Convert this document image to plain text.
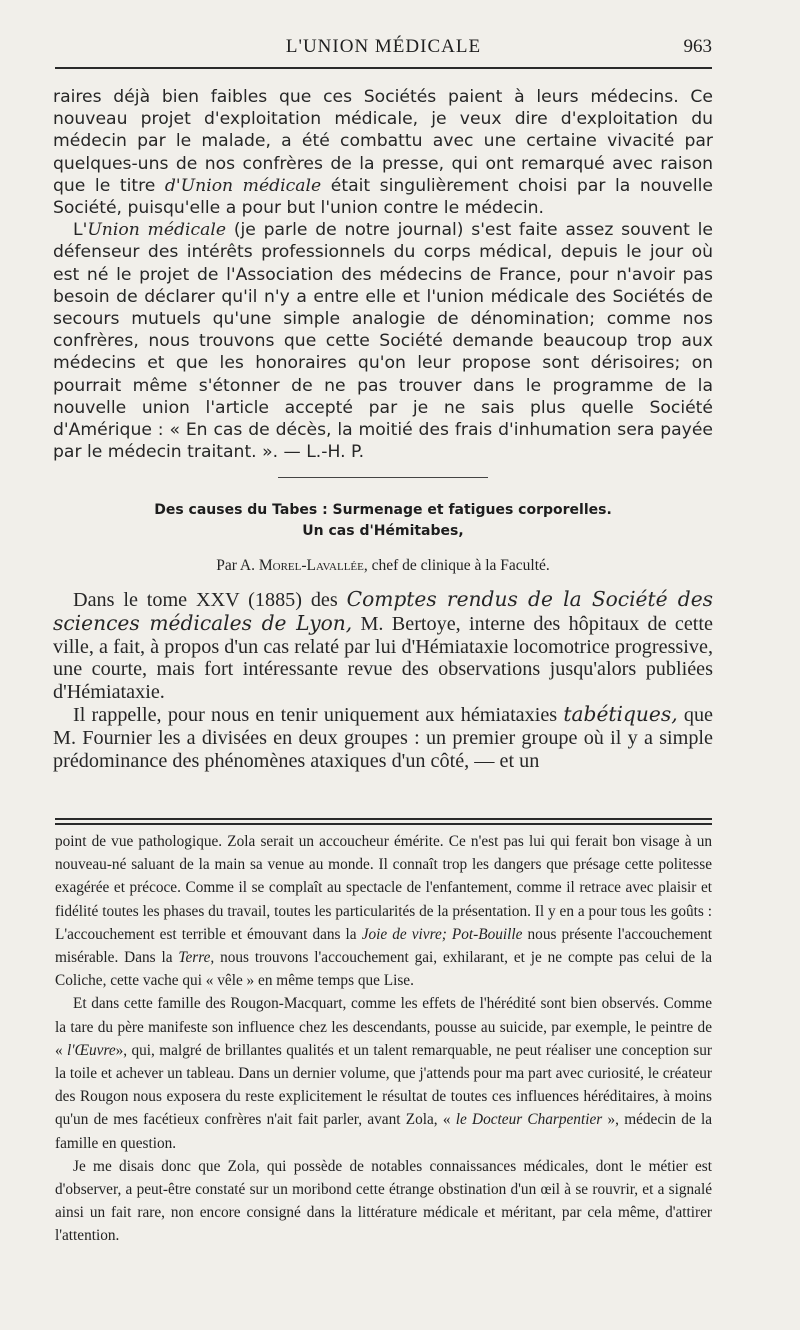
L'UNION MÉDICALE	963

raires déjà bien faibles que ces Sociétés paient à leurs médecins. Ce nouveau projet d'exploitation médicale, je veux dire d'exploitation du médecin par le malade, a été combattu avec une certaine vivacité par quelques-uns de nos confrères de la presse, qui ont remarqué avec raison que le titre d'Union médicale était singulièrement choisi par la nouvelle Société, puisqu'elle a pour but l'union contre le médecin.

L'Union médicale (je parle de notre journal) s'est faite assez souvent le défenseur des intérêts professionnels du corps médical, depuis le jour où est né le projet de l'Association des médecins de France, pour n'avoir pas besoin de déclarer qu'il n'y a entre elle et l'union médicale des Sociétés de secours mutuels qu'une simple analogie de dénomination; comme nos confrères, nous trouvons que cette Société demande beaucoup trop aux médecins et que les honoraires qu'on leur propose sont dérisoires; on pourrait même s'étonner de ne pas trouver dans le programme de la nouvelle union l'article accepté par je ne sais plus quelle Société d'Amérique : « En cas de décès, la moitié des frais d'inhumation sera payée par le médecin traitant. ». — L.-H. P.

Des causes du Tabes : Surmenage et fatigues corporelles.
Un cas d'Hémitabes,
Par A. Morel-Lavallée, chef de clinique à la Faculté.

Dans le tome XXV (1885) des Comptes rendus de la Société des sciences médicales de Lyon, M. Bertoye, interne des hôpitaux de cette ville, a fait, à propos d'un cas relaté par lui d'Hémiataxie locomotrice progressive, une courte, mais fort intéressante revue des observations jusqu'alors publiées d'Hémiataxie.

Il rappelle, pour nous en tenir uniquement aux hémiataxies tabétiques, que M. Fournier les a divisées en deux groupes : un premier groupe où il y a simple prédominance des phénomènes ataxiques d'un côté, — et un

point de vue pathologique. Zola serait un accoucheur émérite. Ce n'est pas lui qui ferait bon visage à un nouveau-né saluant de la main sa venue au monde. Il connaît trop les dangers que présage cette politesse exagérée et précoce. Comme il se complaît au spectacle de l'enfantement, comme il retrace avec plaisir et fidélité toutes les phases du travail, toutes les particularités de la présentation. Il y en a pour tous les goûts : L'accouchement est terrible et émouvant dans la Joie de vivre; Pot-Bouille nous présente l'accouchement misérable. Dans la Terre, nous trouvons l'accouchement gai, exhilarant, et je ne compte pas celui de la Coliche, cette vache qui « vêle » en même temps que Lise.

Et dans cette famille des Rougon-Macquart, comme les effets de l'hérédité sont bien observés. Comme la tare du père manifeste son influence chez les descendants, pousse au suicide, par exemple, le peintre de « l'Œuvre», qui, malgré de brillantes qualités et un talent remarquable, ne peut réaliser une conception sur la toile et achever un tableau. Dans un dernier volume, que j'attends pour ma part avec curiosité, le créateur des Rougon nous exposera du reste explicitement le résultat de toutes ces influences héréditaires, à moins qu'un de mes facétieux confrères n'ait fait parler, avant Zola, « le Docteur Charpentier », médecin de la famille en question.

Je me disais donc que Zola, qui possède de notables connaissances médicales, dont le métier est d'observer, a peut-être constaté sur un moribond cette étrange obstination d'un œil à se rouvrir, et a signalé ainsi un fait rare, non encore consigné dans la littérature médicale et méritant, par cela même, d'attirer l'attention.
